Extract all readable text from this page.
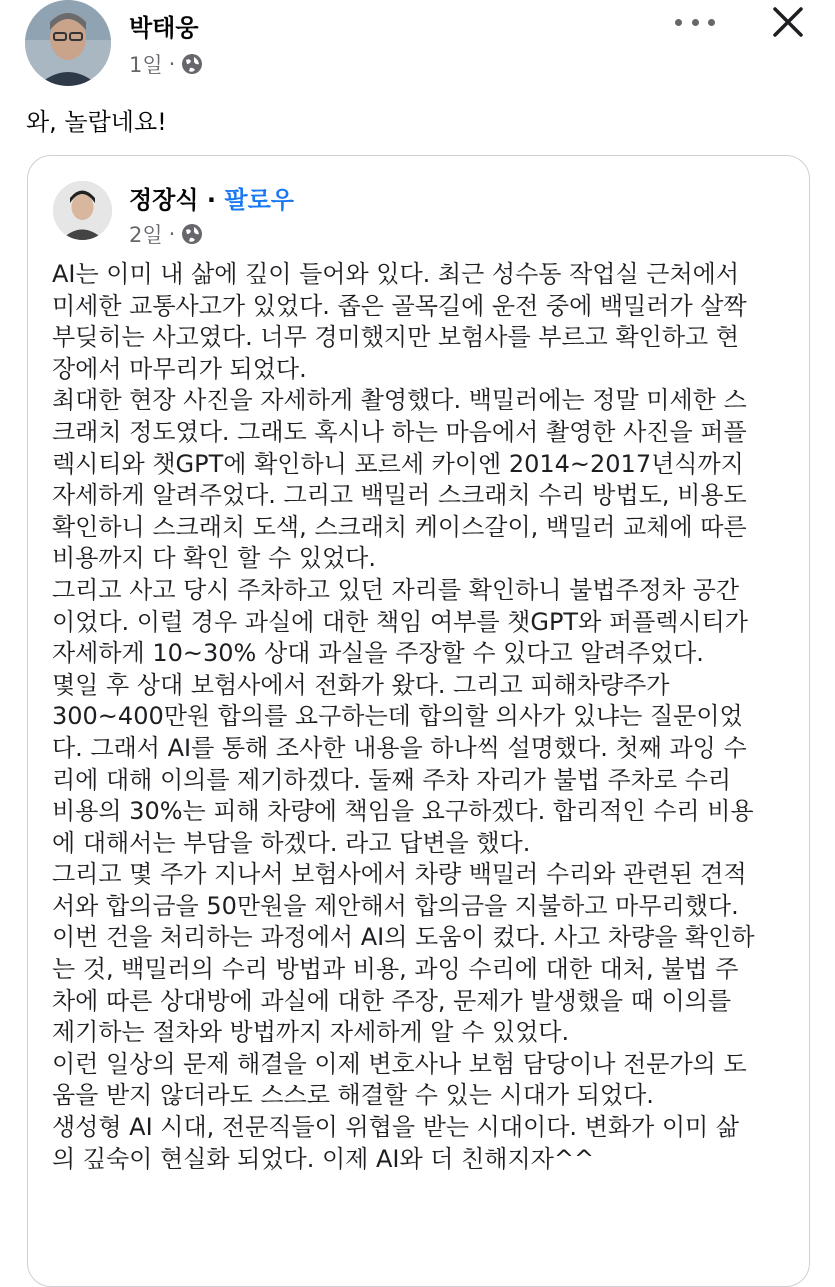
박태웅
1일 ·
와, 놀랍네요!
정장식 · 팔로우
2일 ·
AI는 이미 내 삶에 깊이 들어와 있다. 최근 성수동 작업실 근처에서
미세한 교통사고가 있었다. 좁은 골목길에 운전 중에 백밀러가 살짝
부딪히는 사고였다. 너무 경미했지만 보험사를 부르고 확인하고 현
장에서 마무리가 되었다.
최대한 현장 사진을 자세하게 촬영했다. 백밀러에는 정말 미세한 스
크래치 정도였다. 그래도 혹시나 하는 마음에서 촬영한 사진을 퍼플
렉시티와 챗GPT에 확인하니 포르세 카이엔 2014~2017년식까지
자세하게 알려주었다. 그리고 백밀러 스크래치 수리 방법도, 비용도
확인하니 스크래치 도색, 스크래치 케이스갈이, 백밀러 교체에 따른
비용까지 다 확인 할 수 있었다.
그리고 사고 당시 주차하고 있던 자리를 확인하니 불법주정차 공간
이었다. 이럴 경우 과실에 대한 책임 여부를 챗GPT와 퍼플렉시티가
자세하게 10~30% 상대 과실을 주장할 수 있다고 알려주었다.
몇일 후 상대 보험사에서 전화가 왔다. 그리고 피해차량주가
300~400만원 합의를 요구하는데 합의할 의사가 있냐는 질문이었
다. 그래서 AI를 통해 조사한 내용을 하나씩 설명했다. 첫째 과잉 수
리에 대해 이의를 제기하겠다. 둘째 주차 자리가 불법 주차로 수리
비용의 30%는 피해 차량에 책임을 요구하겠다. 합리적인 수리 비용
에 대해서는 부담을 하겠다. 라고 답변을 했다.
그리고 몇 주가 지나서 보험사에서 차량 백밀러 수리와 관련된 견적
서와 합의금을 50만원을 제안해서 합의금을 지불하고 마무리했다.
이번 건을 처리하는 과정에서 AI의 도움이 컸다. 사고 차량을 확인하
는 것, 백밀러의 수리 방법과 비용, 과잉 수리에 대한 대처, 불법 주
차에 따른 상대방에 과실에 대한 주장, 문제가 발생했을 때 이의를
제기하는 절차와 방법까지 자세하게 알 수 있었다.
이런 일상의 문제 해결을 이제 변호사나 보험 담당이나 전문가의 도
움을 받지 않더라도 스스로 해결할 수 있는 시대가 되었다.
생성형 AI 시대, 전문직들이 위협을 받는 시대이다. 변화가 이미 삶
의 깊숙이 현실화 되었다. 이제 AI와 더 친해지자^^
